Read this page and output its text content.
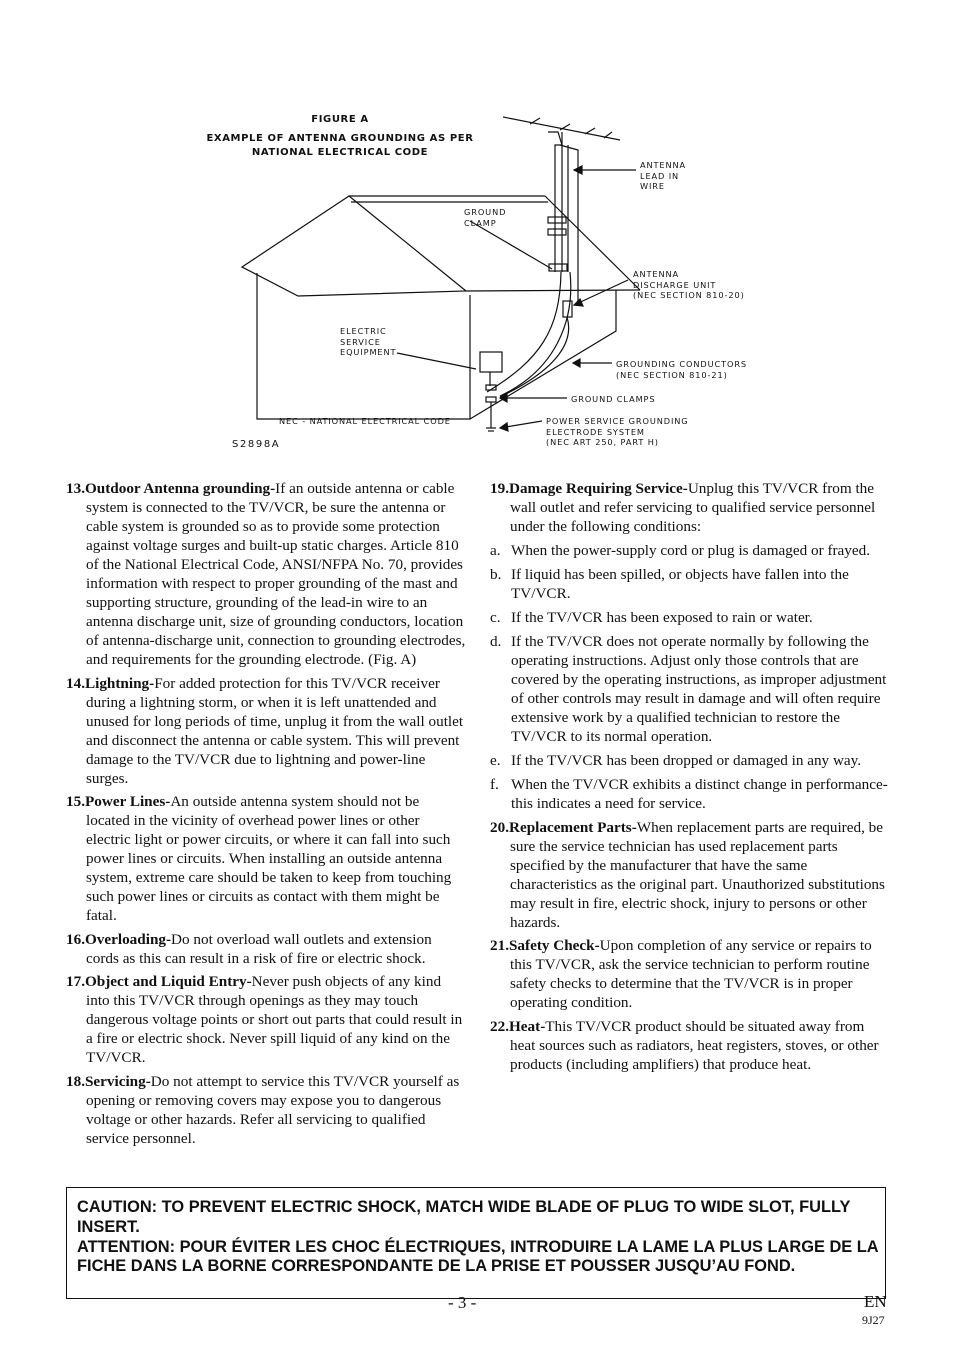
FIGURE A
EXAMPLE OF ANTENNA GROUNDING AS PER
NATIONAL ELECTRICAL CODE
ANTENNA
LEAD IN
WIRE
GROUND
CLAMP
ANTENNA
DISCHARGE UNIT
(NEC SECTION 810-20)
ELECTRIC
SERVICE
EQUIPMENT
GROUNDING CONDUCTORS
(NEC SECTION 810-21)
GROUND CLAMPS
NEC - NATIONAL ELECTRICAL CODE	POWER SERVICE GROUNDING
ELECTRODE SYSTEM
(NEC ART 250, PART H)
S2898A

13.Outdoor Antenna grounding-If an outside antenna or cable system is connected to the TV/VCR, be sure the antenna or cable system is grounded so as to provide some protection against voltage surges and built-up static charges. Article 810 of the National Electrical Code, ANSI/NFPA No. 70, provides information with respect to proper grounding of the mast and supporting structure, grounding of the lead-in wire to an antenna discharge unit, size of grounding conductors, location of antenna-discharge unit, connection to grounding electrodes, and requirements for the grounding electrode. (Fig. A)

14.Lightning-For added protection for this TV/VCR receiver during a lightning storm, or when it is left unattended and unused for long periods of time, unplug it from the wall outlet and disconnect the antenna or cable system. This will prevent damage to the TV/VCR due to lightning and power-line surges.

15.Power Lines-An outside antenna system should not be located in the vicinity of overhead power lines or other electric light or power circuits, or where it can fall into such power lines or circuits. When installing an outside antenna system, extreme care should be taken to keep from touching such power lines or circuits as contact with them might be fatal.

16.Overloading-Do not overload wall outlets and extension cords as this can result in a risk of fire or electric shock.

17.Object and Liquid Entry-Never push objects of any kind into this TV/VCR through openings as they may touch dangerous voltage points or short out parts that could result in a fire or electric shock. Never spill liquid of any kind on the TV/VCR.

18.Servicing-Do not attempt to service this TV/VCR yourself as opening or removing covers may expose you to dangerous voltage or other hazards. Refer all servicing to qualified service personnel.

19.Damage Requiring Service-Unplug this TV/VCR from the wall outlet and refer servicing to qualified service personnel under the following conditions:

a. When the power-supply cord or plug is damaged or frayed.

b. If liquid has been spilled, or objects have fallen into the TV/VCR.

c. If the TV/VCR has been exposed to rain or water.

d. If the TV/VCR does not operate normally by following the operating instructions. Adjust only those controls that are covered by the operating instructions, as improper adjustment of other controls may result in damage and will often require extensive work by a qualified technician to restore the TV/VCR to its normal operation.

e. If the TV/VCR has been dropped or damaged in any way.

f. When the TV/VCR exhibits a distinct change in performance-this indicates a need for service.

20.Replacement Parts-When replacement parts are required, be sure the service technician has used replacement parts specified by the manufacturer that have the same characteristics as the original part. Unauthorized substitutions may result in fire, electric shock, injury to persons or other hazards.

21.Safety Check-Upon completion of any service or repairs to this TV/VCR, ask the service technician to perform routine safety checks to determine that the TV/VCR is in proper operating condition.

22.Heat-This TV/VCR product should be situated away from heat sources such as radiators, heat registers, stoves, or other products (including amplifiers) that produce heat.

CAUTION: TO PREVENT ELECTRIC SHOCK, MATCH WIDE BLADE OF PLUG TO WIDE SLOT, FULLY INSERT.

ATTENTION: POUR ÉVITER LES CHOC ÉLECTRIQUES, INTRODUIRE LA LAME LA PLUS LARGE DE LA FICHE DANS LA BORNE CORRESPONDANTE DE LA PRISE ET POUSSER JUSQU’AU FOND.

- 3 -	EN
9J27
